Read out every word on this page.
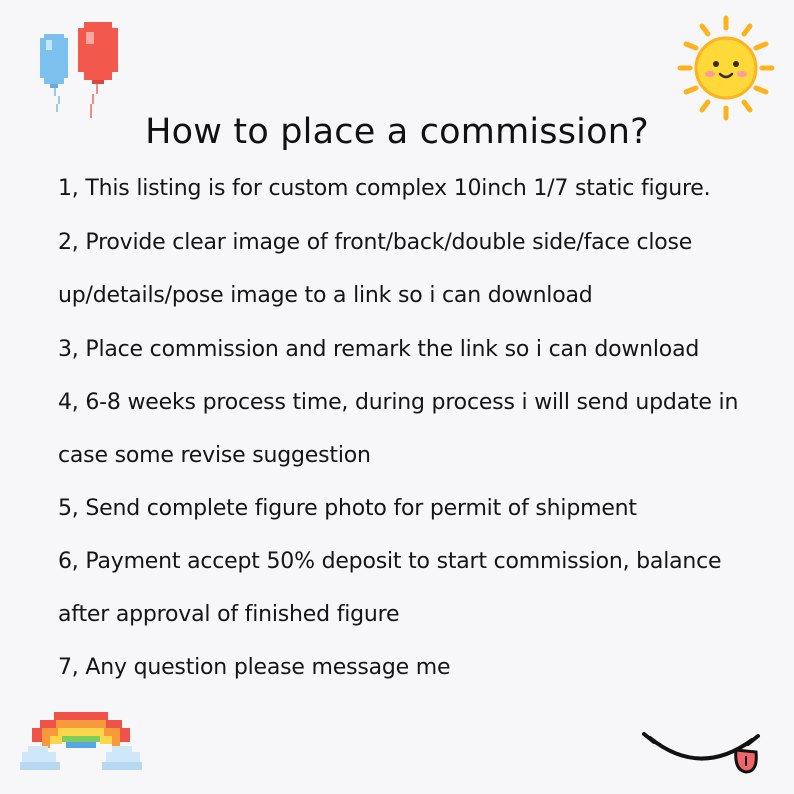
How to place a commission?
1, This listing is for custom complex 10inch 1/7 static figure.
2, Provide clear image of front/back/double side/face close
up/details/pose image to a link so i can download
3, Place commission and remark the link so i can download
4, 6-8 weeks process time, during process i will send update in
case some revise suggestion
5, Send complete figure photo for permit of shipment
6, Payment accept 50% deposit to start commission, balance
after approval of finished figure
7, Any question please message me
